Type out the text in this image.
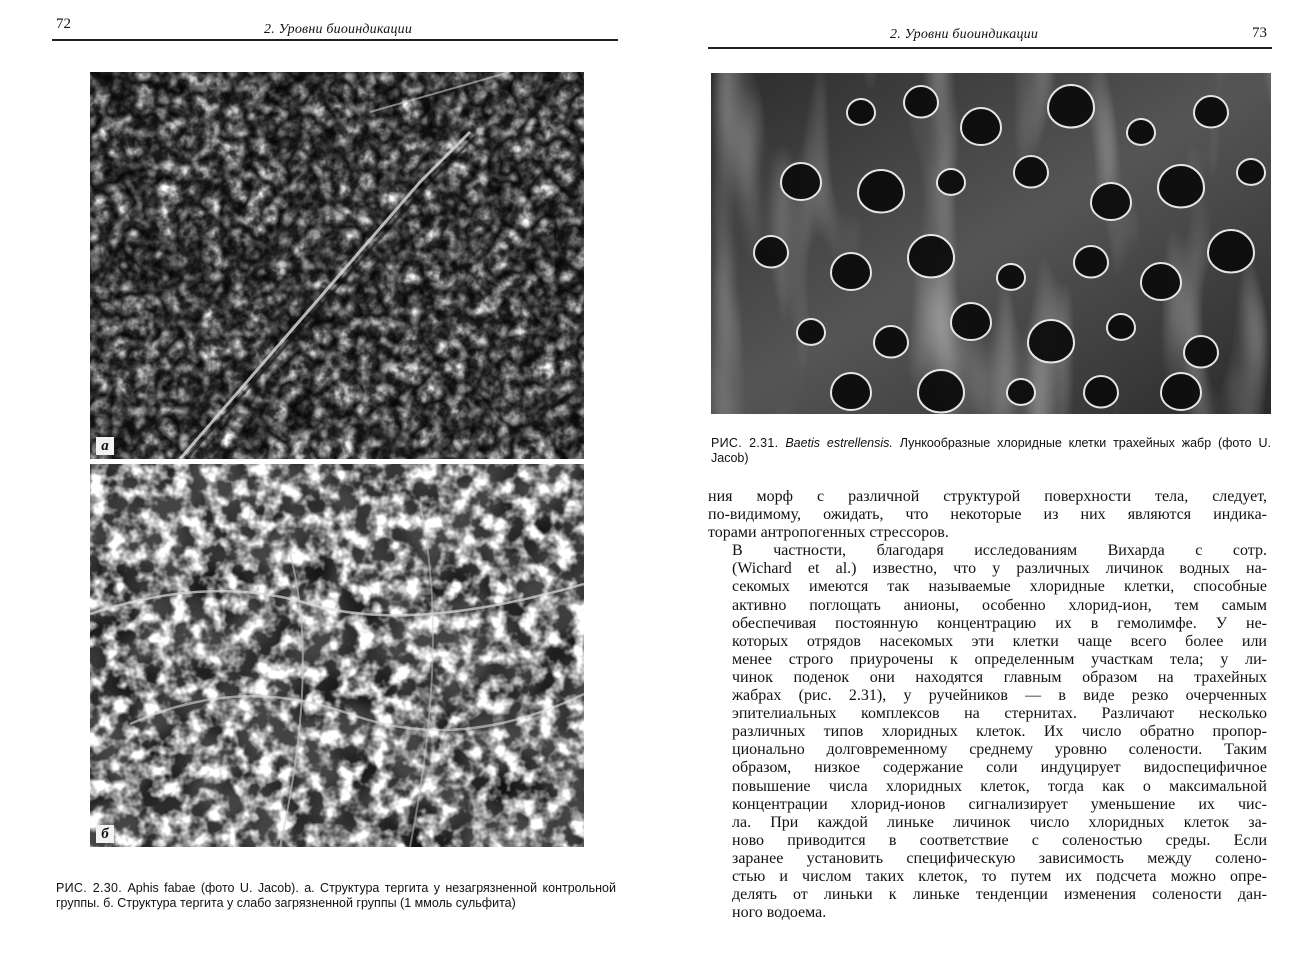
72	2. Уровни биоиндикации
а
б
РИС. 2.30. Aphis fabae (фото U. Jacob). а. Структура тергита у незагрязненной контрольной группы. б. Структура тергита у слабо загрязненной группы (1 ммоль сульфита)
2. Уровни биоиндикации	73
РИС. 2.31. Baetis estrellensis. Лункообразные хлоридные клетки трахейных жабр (фото U. Jacob)

ния морф с различной структурой поверхности тела, следует,
по-видимому, ожидать, что некоторые из них являются индика-
торами антропогенных стрессоров.

В частности, благодаря исследованиям Вихарда с сотр.
(Wichard et al.) известно, что у различных личинок водных на-
секомых имеются так называемые хлоридные клетки, способные
активно поглощать анионы, особенно хлорид-ион, тем самым
обеспечивая постоянную концентрацию их в гемолимфе. У не-
которых отрядов насекомых эти клетки чаще всего более или
менее строго приурочены к определенным участкам тела; у ли-
чинок поденок они находятся главным образом на трахейных
жабрах (рис. 2.31), у ручейников — в виде резко очерченных
эпителиальных комплексов на стернитах. Различают несколько
различных типов хлоридных клеток. Их число обратно пропор-
ционально долговременному среднему уровню солености. Таким
образом, низкое содержание соли индуцирует видоспецифичное
повышение числа хлоридных клеток, тогда как о максимальной
концентрации хлорид-ионов сигнализирует уменьшение их чис-
ла. При каждой линьке личинок число хлоридных клеток за-
ново приводится в соответствие с соленостью среды. Если
заранее установить специфическую зависимость между солено-
стью и числом таких клеток, то путем их подсчета можно опре-
делять от линьки к линьке тенденции изменения солености дан-
ного водоема.
